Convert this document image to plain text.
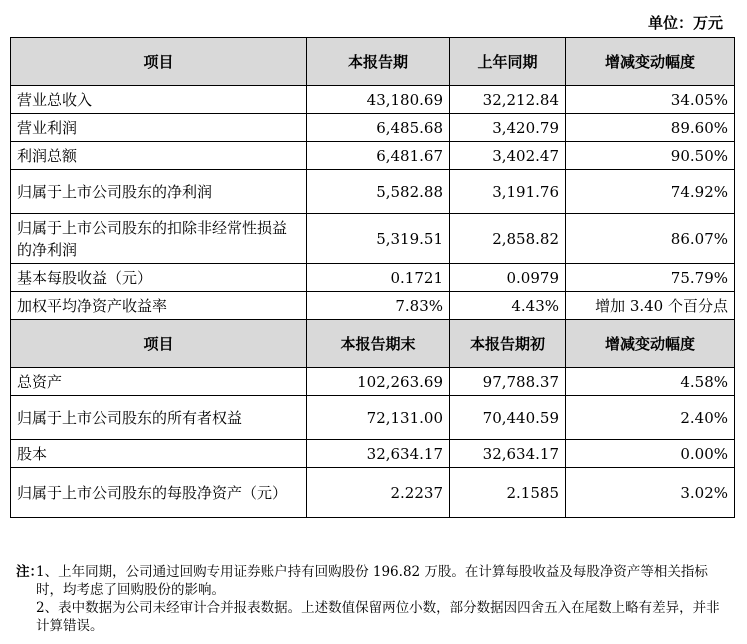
单位：万元
项目	本报告期	上年同期	增减变动幅度
营业总收入	43,180.69	32,212.84	34.05%
营业利润	6,485.68	3,420.79	89.60%
利润总额	6,481.67	3,402.47	90.50%
归属于上市公司股东的净利润	5,582.88	3,191.76	74.92%
归属于上市公司股东的扣除非经常性损益的净利润	5,319.51	2,858.82	86.07%
基本每股收益（元）	0.1721	0.0979	75.79%
加权平均净资产收益率	7.83%	4.43%	增加 3.40 个百分点
项目	本报告期末	本报告期初	增减变动幅度
总资产	102,263.69	97,788.37	4.58%
归属于上市公司股东的所有者权益	72,131.00	70,440.59	2.40%
股本	32,634.17	32,634.17	0.00%
归属于上市公司股东的每股净资产（元）	2.2237	2.1585	3.02%
注：
1、上年同期，公司通过回购专用证券账户持有回购股份 196.82 万股。在计算每股收益及每股净资产等相关指标时，均考虑了回购股份的影响。
2、表中数据为公司未经审计合并报表数据。上述数值保留两位小数，部分数据因四舍五入在尾数上略有差异，并非计算错误。
